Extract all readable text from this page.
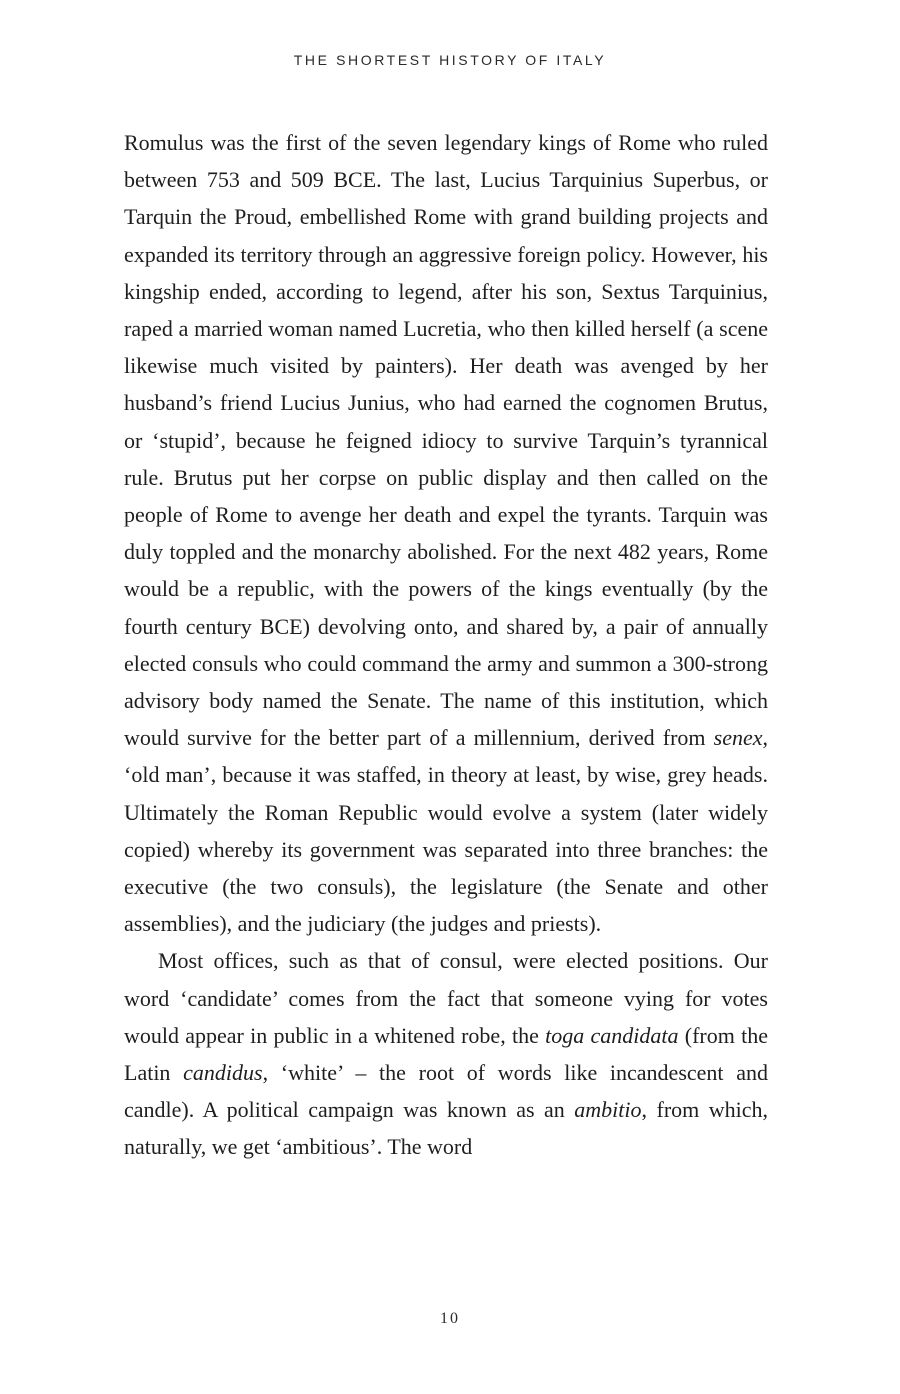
THE SHORTEST HISTORY OF ITALY

Romulus was the first of the seven legendary kings of Rome who ruled between 753 and 509 BCE. The last, Lucius Tarquinius Superbus, or Tarquin the Proud, embellished Rome with grand building projects and expanded its territory through an aggressive foreign policy. However, his kingship ended, according to legend, after his son, Sextus Tarquinius, raped a married woman named Lucretia, who then killed herself (a scene likewise much visited by painters). Her death was avenged by her husband’s friend Lucius Junius, who had earned the cognomen Brutus, or ‘stupid’, because he feigned idiocy to survive Tarquin’s tyrannical rule. Brutus put her corpse on public display and then called on the people of Rome to avenge her death and expel the tyrants. Tarquin was duly toppled and the monarchy abolished. For the next 482 years, Rome would be a republic, with the powers of the kings eventually (by the fourth century BCE) devolving onto, and shared by, a pair of annually elected consuls who could command the army and summon a 300-strong advisory body named the Senate. The name of this institution, which would survive for the better part of a millennium, derived from senex, ‘old man’, because it was staffed, in theory at least, by wise, grey heads. Ultimately the Roman Republic would evolve a system (later widely copied) whereby its government was separated into three branches: the executive (the two consuls), the legislature (the Senate and other assemblies), and the judiciary (the judges and priests).

Most offices, such as that of consul, were elected positions. Our word ‘candidate’ comes from the fact that someone vying for votes would appear in public in a whitened robe, the toga candidata (from the Latin candidus, ‘white’ – the root of words like incandescent and candle). A political campaign was known as an ambitio, from which, naturally, we get ‘ambitious’. The word

10
